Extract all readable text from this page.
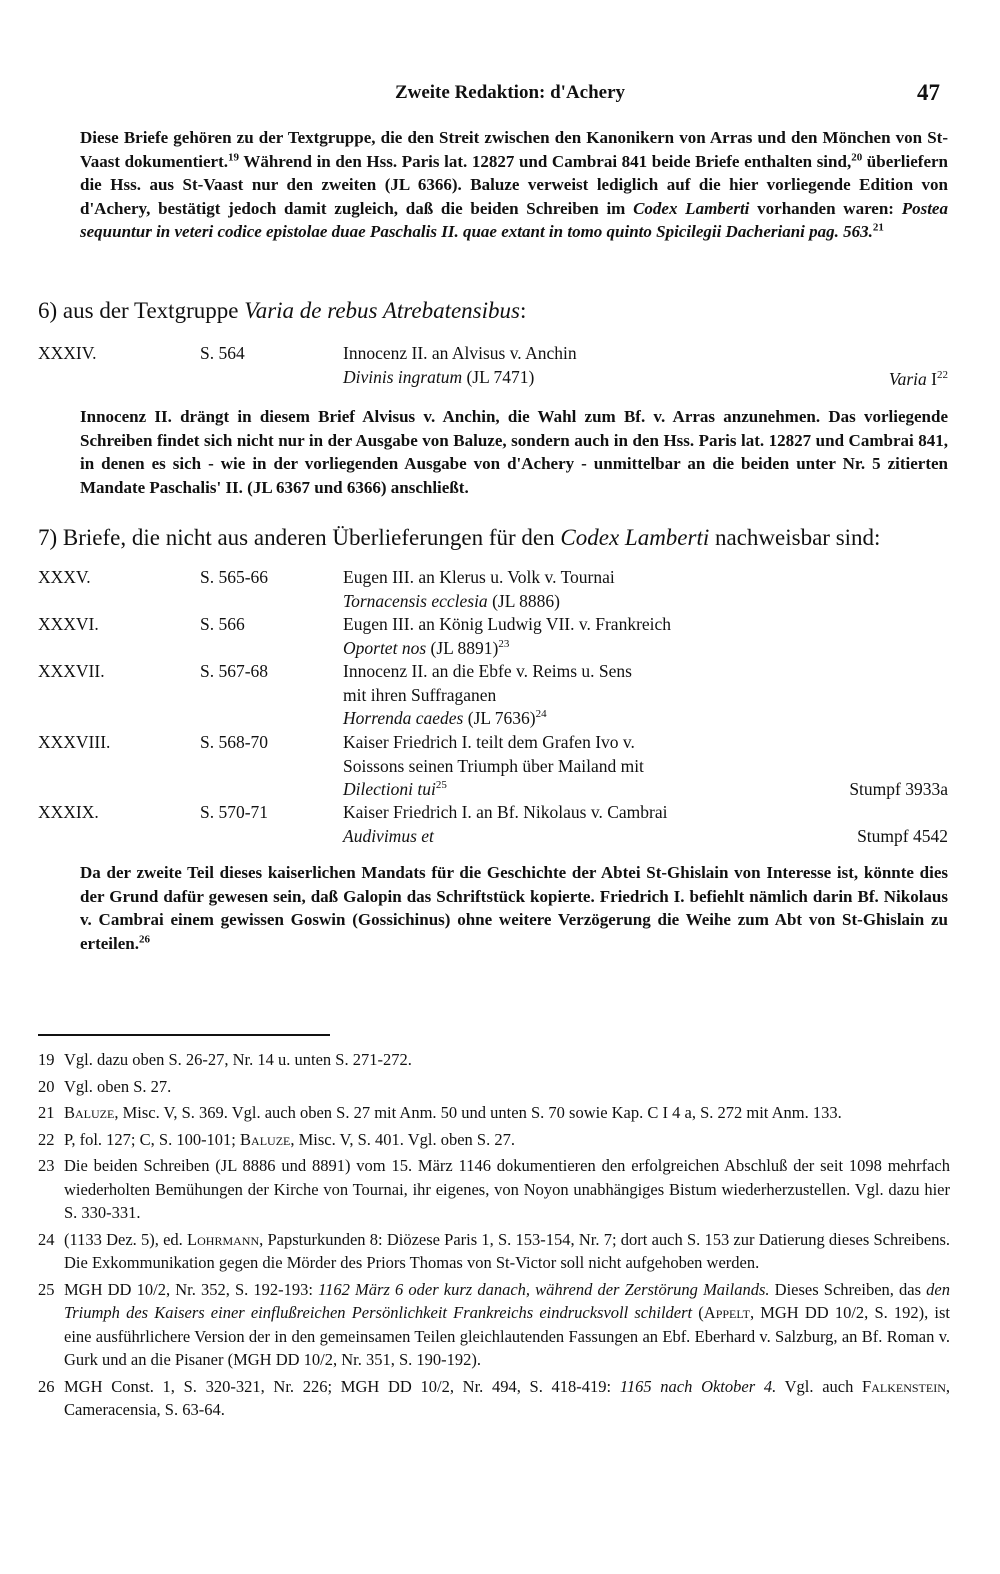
Zweite Redaktion: d'Achery	47
Diese Briefe gehören zu der Textgruppe, die den Streit zwischen den Kanonikern von Arras und den Mönchen von St-Vaast dokumentiert.$^{19}$ Während in den Hss. Paris lat. 12827 und Cambrai 841 beide Briefe enthalten sind,$^{20}$ überliefern die Hss. aus St-Vaast nur den zweiten (JL 6366). Baluze verweist lediglich auf die hier vorliegende Edition von d'Achery, bestätigt jedoch damit zugleich, daß die beiden Schreiben im Codex Lamberti vorhanden waren: Postea sequuntur in veteri codice epistolae duae Paschalis II. quae extant in tomo quinto Spicilegii Dacheriani pag. 563.21
6) aus der Textgruppe Varia de rebus Atrebatensibus:
XXXIV.	S. 564	Innocenz II. an Alvisus v. Anchin
Divinis ingratum (JL 7471)	Varia $I^{22}$
Innocenz II. drängt in diesem Brief Alvisus v. Anchin, die Wahl zum Bf. v. Arras anzunehmen. Das vorliegende Schreiben findet sich nicht nur in der Ausgabe von Baluze, sondern auch in den Hss. Paris lat. 12827 und Cambrai 841, in denen es sich - wie in der vorliegenden Ausgabe von d'Achery - unmittelbar an die beiden unter Nr. 5 zitierten Mandate Paschalis' II. (JL 6367 und 6366) anschließt.
7) Briefe, die nicht aus anderen Überlieferungen für den Codex Lamberti nachweisbar sind:
XXXV.	S. 565-66	Eugen III. an Klerus u. Volk v. Tournai
Tornacensis ecclesia (JL 8886)
XXXVI.	S. 566	Eugen III. an König Ludwig VII. v. Frankreich
Oportet nos (JL 8891)$^{23}$
XXXVII.	S. 567-68	Innocenz II. an die Ebfe v. Reims u. Sens
mit ihren Suffraganen
Horrenda caedes (JL 7636)$^{24}$
XXXVIII.	S. 568-70	Kaiser Friedrich I. teilt dem Grafen Ivo v.
Soissons seinen Triumph über Mailand mit
Dilectioni tui$^{25}$	Stumpf 3933a
XXXIX.	S. 570-71	Kaiser Friedrich I. an Bf. Nikolaus v. Cambrai
Audivimus et	Stumpf 4542
Da der zweite Teil dieses kaiserlichen Mandats für die Geschichte der Abtei St-Ghislain von Interesse ist, könnte dies der Grund dafür gewesen sein, daß Galopin das Schriftstück kopierte. Friedrich I. befiehlt nämlich darin Bf. Nikolaus v. Cambrai einem gewissen Goswin (Gossichinus) ohne weitere Verzögerung die Weihe zum Abt von St-Ghislain zu erteilen.$^{26}$
19 Vgl. dazu oben S. 26-27, Nr. 14 u. unten S. 271-272.
20 Vgl. oben S. 27.
21 Baluze, Misc. V, S. 369. Vgl. auch oben S. 27 mit Anm. 50 und unten S. 70 sowie Kap. C I 4 a, S. 272 mit Anm. 133.
22 P, fol. 127; C, S. 100-101; Baluze, Misc. V, S. 401. Vgl. oben S. 27.
23 Die beiden Schreiben (JL 8886 und 8891) vom 15. März 1146 dokumentieren den erfolgreichen Abschluß der seit 1098 mehrfach wiederholten Bemühungen der Kirche von Tournai, ihr eigenes, von Noyon unabhängiges Bistum wiederherzustellen. Vgl. dazu hier S. 330-331.
24 (1133 Dez. 5), ed. Lohrmann, Papsturkunden 8: Diözese Paris 1, S. 153-154, Nr. 7; dort auch S. 153 zur Datierung dieses Schreibens. Die Exkommunikation gegen die Mörder des Priors Thomas von St-Victor soll nicht aufgehoben werden.
25 MGH DD 10/2, Nr. 352, S. 192-193: 1162 März 6 oder kurz danach, während der Zerstörung Mailands. Dieses Schreiben, das den Triumph des Kaisers einer einflußreichen Persönlichkeit Frankreichs eindrucksvoll schildert (Appelt, MGH DD 10/2, S. 192), ist eine ausführlichere Version der in den gemeinsamen Teilen gleichlautenden Fassungen an Ebf. Eberhard v. Salzburg, an Bf. Roman v. Gurk und an die Pisaner (MGH DD 10/2, Nr. 351, S. 190-192).
26 MGH Const. 1, S. 320-321, Nr. 226; MGH DD 10/2, Nr. 494, S. 418-419: 1165 nach Oktober 4. Vgl. auch Falkenstein, Cameracensia, S. 63-64.
